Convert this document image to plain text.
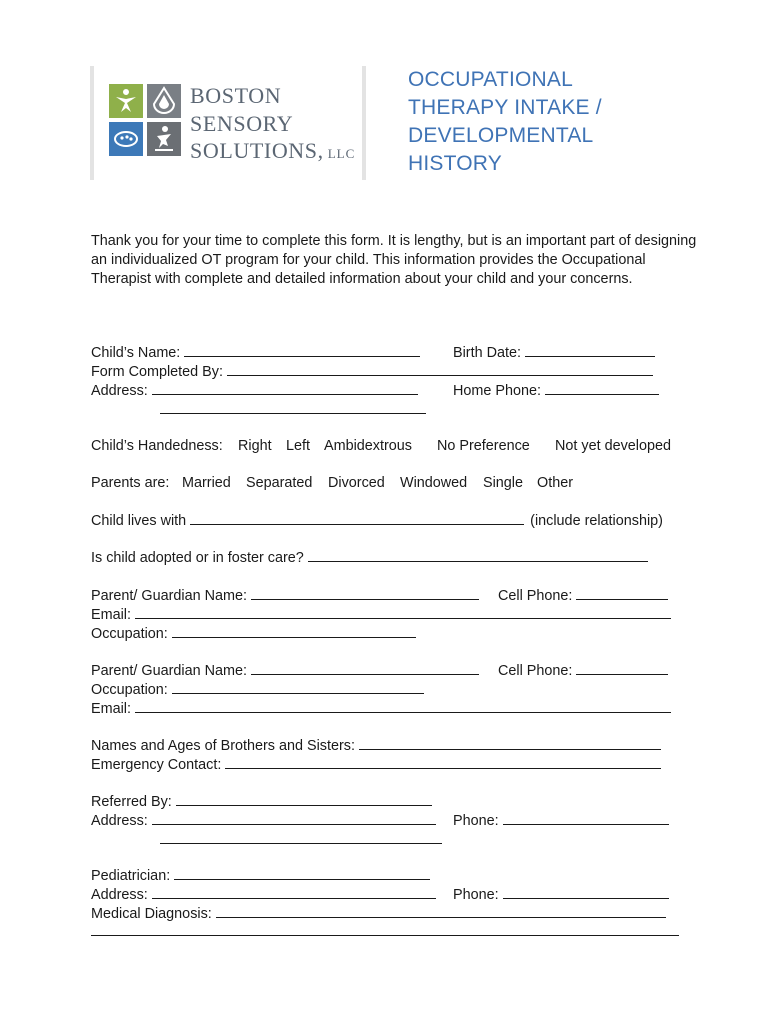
BOSTON
SENSORY
SOLUTIONS, LLC
OCCUPATIONAL
THERAPY INTAKE /
DEVELOPMENTAL
HISTORY
Thank you for your time to complete this form. It is lengthy, but is an important part of designing an individualized OT program for your child. This information provides the Occupational Therapist with complete and detailed information about your child and your concerns.
Child’s Name:	Birth Date:
Form Completed By:
Address:	Home Phone:
Child’s Handedness: Right Left Ambidextrous No Preference Not yet developed
Parents are: Married Separated Divorced Windowed Single Other
Child lives with	(include relationship)
Is child adopted or in foster care?
Parent/ Guardian Name:	Cell Phone:
Email:
Occupation:
Parent/ Guardian Name:	Cell Phone:
Occupation:
Email:
Names and Ages of Brothers and Sisters:
Emergency Contact:
Referred By:
Address:	Phone:
Pediatrician:
Address:	Phone:
Medical Diagnosis:
